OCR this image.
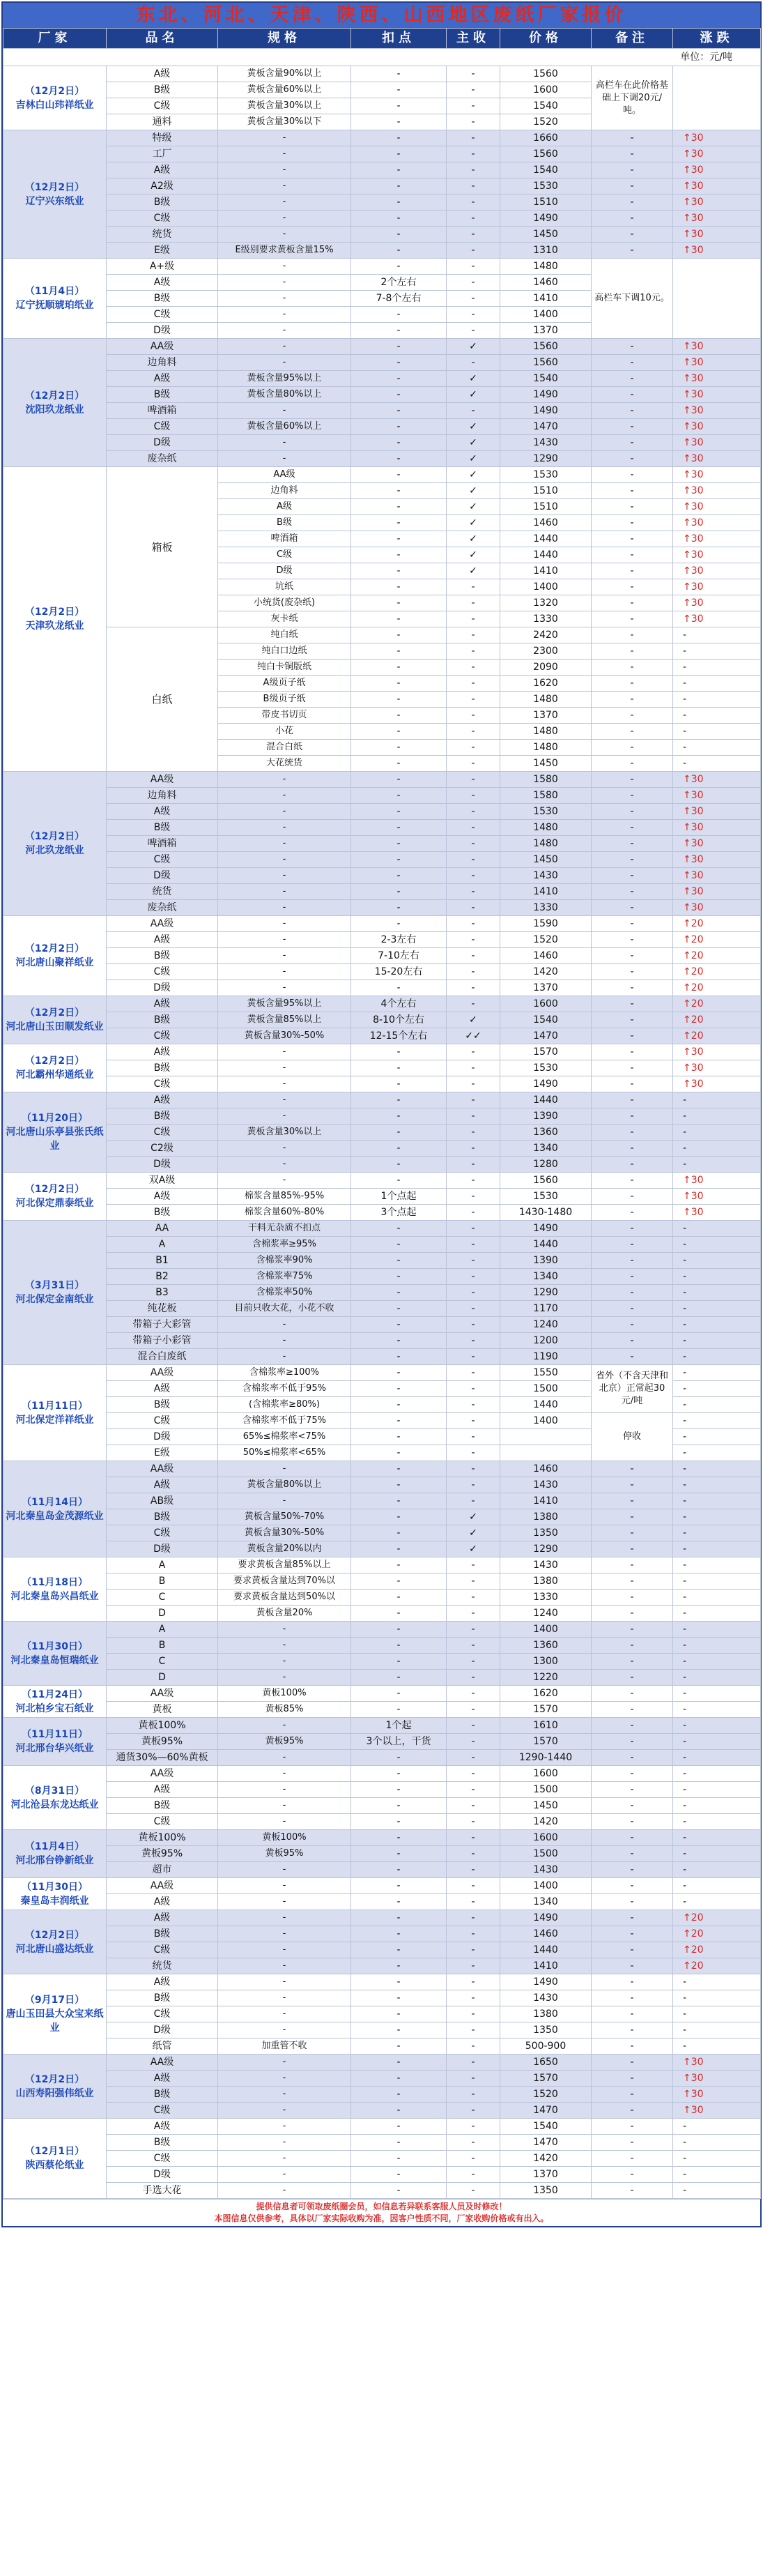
东北、河北、天津、陕西、山西地区废纸厂家报价
厂家	品名	规格	扣点	主收	价格	备注	涨跌
单位：元/吨							
（12月2日）
吉林白山玮祥纸业	A级	黄板含量90%以上	-	-	1560	高栏车在此价格基础上下调20元/吨。	
	B级	黄板含量60%以上	-	-	1600		
	C级	黄板含量30%以上	-	-	1540		
	通料	黄板含量30%以下	-	-	1520		
（12月2日）
辽宁兴东纸业	特级	-	-	-	1660	-	↑30
	工厂	-	-	-	1560	-	↑30
	A级	-	-	-	1540	-	↑30
	A2级	-	-	-	1530	-	↑30
	B级	-	-	-	1510	-	↑30
	C级	-	-	-	1490	-	↑30
	统货	-	-	-	1450	-	↑30
	E级	E级别要求黄板含量15%	-	-	1310	-	↑30
（11月4日）
辽宁抚顺琥珀纸业	A+级	-	-	-	1480	高栏车下调10元。	
	A级	-	2个左右	-	1460		
	B级	-	7-8个左右	-	1410		
	C级	-	-	-	1400		
	D级	-	-	-	1370		
（12月2日）
沈阳玖龙纸业	AA级	-	-	✓	1560	-	↑30
	边角料	-	-	-	1560	-	↑30
	A级	黄板含量95%以上	-	✓	1540	-	↑30
	B级	黄板含量80%以上	-	✓	1490	-	↑30
	啤酒箱	-	-	-	1490	-	↑30
	C级	黄板含量60%以上	-	✓	1470	-	↑30
	D级	-	-	✓	1430	-	↑30
	废杂纸	-	-	✓	1290	-	↑30
（12月2日）
天津玖龙纸业	箱板	AA级	-	✓	1530	-	↑30
		边角料	-	✓	1510	-	↑30
		A级	-	✓	1510	-	↑30
		B级	-	✓	1460	-	↑30
		啤酒箱	-	✓	1440	-	↑30
		C级	-	✓	1440	-	↑30
		D级	-	✓	1410	-	↑30
		坑纸	-	-	1400	-	↑30
		小统货(废杂纸)	-	-	1320	-	↑30
		灰卡纸	-	-	1330	-	↑30
	白纸	纯白纸	-	-	2420	-	-
		纯白口边纸	-	-	2300	-	-
		纯白卡铜版纸	-	-	2090	-	-
		A级页子纸	-	-	1620	-	-
		B级页子纸	-	-	1480	-	-
		带皮书切页	-	-	1370	-	-
		小花	-	-	1480	-	-
		混合白纸	-	-	1480	-	-
		大花统货	-	-	1450	-	-
（12月2日）
河北玖龙纸业	AA级	-	-	-	1580	-	↑30
	边角料	-	-	-	1580	-	↑30
	A级	-	-	-	1530	-	↑30
	B级	-	-	-	1480	-	↑30
	啤酒箱	-	-	-	1480	-	↑30
	C级	-	-	-	1450	-	↑30
	D级	-	-	-	1430	-	↑30
	统货	-	-	-	1410	-	↑30
	废杂纸	-	-	-	1330	-	↑30
（12月2日）
河北唐山聚祥纸业	AA级	-	-	-	1590	-	↑20
	A级	-	2-3左右	-	1520	-	↑20
	B级	-	7-10左右	-	1460	-	↑20
	C级	-	15-20左右	-	1420	-	↑20
	D级	-	-	-	1370	-	↑20
（12月2日）
河北唐山玉田顺发纸业	A级	黄板含量95%以上	4个左右	-	1600	-	↑20
	B级	黄板含量85%以上	8-10个左右	✓	1540	-	↑20
	C级	黄板含量30%-50%	12-15个左右	✓✓	1470	-	↑20
（12月2日）
河北霸州华通纸业	A级	-	-	-	1570	-	↑30
	B级	-	-	-	1530	-	↑30
	C级	-	-	-	1490	-	↑30
（11月20日）
河北唐山乐亭县张氏纸业	A级	-	-	-	1440	-	-
	B级	-	-	-	1390	-	-
	C级	黄板含量30%以上	-	-	1360	-	-
	C2级	-	-	-	1340	-	-
	D级	-	-	-	1280	-	-
（12月2日）
河北保定鼎泰纸业	双A级	-	-	-	1560	-	↑30
	A级	棉浆含量85%-95%	1个点起	-	1530	-	↑30
	B级	棉浆含量60%-80%	3个点起	-	1430-1480	-	↑30
（3月31日）
河北保定金南纸业	AA	干料无杂质不扣点	-	-	1490	-	-
	A	含棉浆率≥95%	-	-	1440	-	-
	B1	含棉浆率90%	-	-	1390	-	-
	B2	含棉浆率75%	-	-	1340	-	-
	B3	含棉浆率50%	-	-	1290	-	-
	纯花板	目前只收大花，小花不收	-	-	1170	-	-
	带箱子大彩管	-	-	-	1240	-	-
	带箱子小彩管	-	-	-	1200	-	-
	混合白废纸	-	-	-	1190	-	-
（11月11日）
河北保定洋祥纸业	AA级	含棉浆率≥100%	-	-	1550	省外（不含天津和北京）正常起30元/吨	-
	A级	含棉浆率不低于95%	-	-	1500		-
	B级	(含棉浆率≥80%)	-	-	1440		-
	C级	含棉浆率不低于75%	-	-	1400	停收	-
	D级	65%≤棉浆率<75%	-	-			-
	E级	50%≤棉浆率<65%	-	-			-
（11月14日）
河北秦皇岛金茂源纸业	AA级	-	-	-	1460	-	-
	A级	黄板含量80%以上	-	-	1430	-	-
	AB级	-	-	-	1410	-	-
	B级	黄板含量50%-70%	-	✓	1380	-	-
	C级	黄板含量30%-50%	-	✓	1350	-	-
	D级	黄板含量20%以内	-	✓	1290	-	-
（11月18日）
河北秦皇岛兴昌纸业	A	要求黄板含量85%以上	-	-	1430	-	-
	B	要求黄板含量达到70%以	-	-	1380	-	-
	C	要求黄板含量达到50%以	-	-	1330	-	-
	D	黄板含量20%	-	-	1240	-	-
（11月30日）
河北秦皇岛恒瑞纸业	A	-	-	-	1400	-	-
	B	-	-	-	1360	-	-
	C	-	-	-	1300	-	-
	D	-	-	-	1220	-	-
（11月24日）
河北柏乡宝石纸业	AA级	黄板100%	-	-	1620	-	-
	黄板	黄板85%	-	-	1570	-	-
（11月11日）
河北邢台华兴纸业	黄板100%	-	1个起	-	1610	-	-
	黄板95%	黄板95%	3个以上，干货	-	1570	-	-
	通货30%—60%黄板	-	-	-	1290-1440	-	-
（8月31日）
河北沧县东龙达纸业	AA级	-	-	-	1600	-	-
	A级	-	-	-	1500	-	-
	B级	-	-	-	1450	-	-
	C级	-	-	-	1420	-	-
（11月4日）
河北邢台铮新纸业	黄板100%	黄板100%	-	-	1600	-	-
	黄板95%	黄板95%	-	-	1500	-	-
	超市	-	-	-	1430	-	-
（11月30日）
秦皇岛丰润纸业	AA级	-	-	-	1400	-	-
	A级	-	-	-	1340	-	-
（12月2日）
河北唐山盛达纸业	A级	-	-	-	1490	-	↑20
	B级	-	-	-	1460	-	↑20
	C级	-	-	-	1440	-	↑20
	统货	-	-	-	1410	-	↑20
（9月17日）
唐山玉田县大众宝来纸业	A级	-	-	-	1490	-	-
	B级	-	-	-	1430	-	-
	C级	-	-	-	1380	-	-
	D级	-	-	-	1350	-	-
	纸管	加重管不收	-	-	500-900	-	-
（12月2日）
山西寿阳强伟纸业	AA级	-	-	-	1650	-	↑30
	A级	-	-	-	1570	-	↑30
	B级	-	-	-	1520	-	↑30
	C级	-	-	-	1470	-	↑30
（12月1日）
陕西蔡伦纸业	A级	-	-	-	1540	-	-
	B级	-	-	-	1470	-	-
	C级	-	-	-	1420	-	-
	D级	-	-	-	1370	-	-
	手选大花	-	-	-	1350	-	-
提供信息者可领取废纸圈会员，如信息若异联系客服人员及时修改！
本图信息仅供参考，具体以厂家实际收购为准，因客户性质不同，厂家收购价格或有出入。
